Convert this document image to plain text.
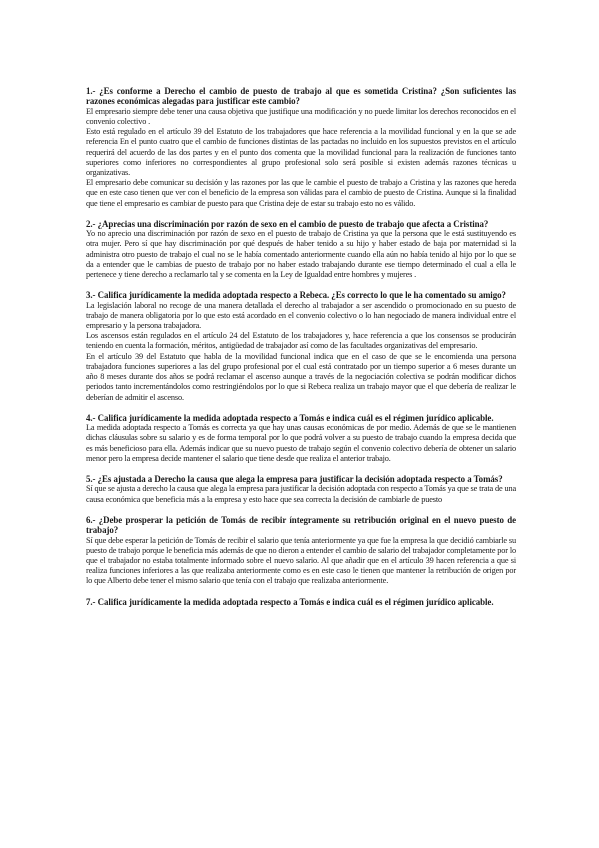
1.- ¿Es conforme a Derecho el cambio de puesto de trabajo al que es sometida Cristina? ¿Son suficientes las razones económicas alegadas para justificar este cambio?

El empresario siempre debe tener una causa objetiva que justifique una modificación y no puede limitar los derechos reconocidos en el convenio colectivo .

Esto está regulado en el artículo 39 del Estatuto de los trabajadores que hace referencia a la movilidad funcional y en la que se ade referencia En el punto cuatro que el cambio de funciones distintas de las pactadas no incluido en los supuestos previstos en el artículo requerirá del acuerdo de las dos partes y en el punto dos comenta que la movilidad funcional para la realización de funciones tanto superiores como inferiores no correspondientes al grupo profesional solo será posible si existen además razones técnicas u organizativas.

El empresario debe comunicar su decisión y las razones por las que le cambie el puesto de trabajo a Cristina y las razones que hereda que en este caso tienen que ver con el beneficio de la empresa son válidas para el cambio de puesto de Cristina. Aunque si la finalidad que tiene el empresario es cambiar de puesto para que Cristina deje de estar su trabajo esto no es válido.

2.- ¿Aprecias una discriminación por razón de sexo en el cambio de puesto de trabajo que afecta a Cristina?

Yo no aprecio una discriminación por razón de sexo en el puesto de trabajo de Cristina ya que la persona que le está sustituyendo es otra mujer. Pero sí que hay discriminación por qué después de haber tenido a su hijo y haber estado de baja por maternidad si la administra otro puesto de trabajo el cual no se le había comentado anteriormente cuando ella aún no había tenido al hijo por lo que se da a entender que le cambias de puesto de trabajo por no haber estado trabajando durante ese tiempo determinado el cual a ella le pertenece y tiene derecho a reclamarlo tal y se comenta en la Ley de Igualdad entre hombres y mujeres .

3.- Califica jurídicamente la medida adoptada respecto a Rebeca. ¿Es correcto lo que le ha comentado su amigo?

La legislación laboral no recoge de una manera detallada el derecho al trabajador a ser ascendido o promocionado en su puesto de trabajo de manera obligatoria por lo que esto está acordado en el convenio colectivo o lo han negociado de manera individual entre el empresario y la persona trabajadora.

Los ascensos están regulados en el artículo 24 del Estatuto de los trabajadores y, hace referencia a que los consensos se producirán teniendo en cuenta la formación, méritos, antigüedad de trabajador así como de las facultades organizativas del empresario.

En el artículo 39 del Estatuto que habla de la movilidad funcional indica que en el caso de que se le encomienda una persona trabajadora funciones superiores a las del grupo profesional por el cual está contratado por un tiempo superior a 6 meses durante un año 8 meses durante dos años se podrá reclamar el ascenso aunque a través de la negociación colectiva se podrán modificar dichos periodos tanto incrementándolos como restringiéndolos por lo que si Rebeca realiza un trabajo mayor que el que debería de realizar le deberían de admitir el ascenso.

4.- Califica jurídicamente la medida adoptada respecto a Tomás e indica cuál es el régimen jurídico aplicable.

La medida adoptada respecto a Tomás es correcta ya que hay unas causas económicas de por medio. Además de que se le mantienen dichas cláusulas sobre su salario y es de forma temporal por lo que podrá volver a su puesto de trabajo cuando la empresa decida que es más beneficioso para ella. Además indicar que su nuevo puesto de trabajo según el convenio colectivo debería de obtener un salario menor pero la empresa decide mantener el salario que tiene desde que realiza el anterior trabajo.

5.- ¿Es ajustada a Derecho la causa que alega la empresa para justificar la decisión adoptada respecto a Tomás?

Sí que se ajusta a derecho la causa que alega la empresa para justificar la decisión adoptada con respecto a Tomás ya que se trata de una causa económica que beneficia más a la empresa y esto hace que sea correcta la decisión de cambiarle de puesto

6.- ¿Debe prosperar la petición de Tomás de recibir íntegramente su retribución original en el nuevo puesto de trabajo?

Sí que debe esperar la petición de Tomás de recibir el salario que tenía anteriormente ya que fue la empresa la que decidió cambiarle su puesto de trabajo porque le beneficia más además de que no dieron a entender el cambio de salario del trabajador completamente por lo que el trabajador no estaba totalmente informado sobre el nuevo salario. Al que añadir que en el artículo 39 hacen referencia a que si realiza funciones inferiores a las que realizaba anteriormente como es en este caso le tienen que mantener la retribución de origen por lo que Alberto debe tener el mismo salario que tenía con el trabajo que realizaba anteriormente.

7.- Califica jurídicamente la medida adoptada respecto a Tomás e indica cuál es el régimen jurídico aplicable.
